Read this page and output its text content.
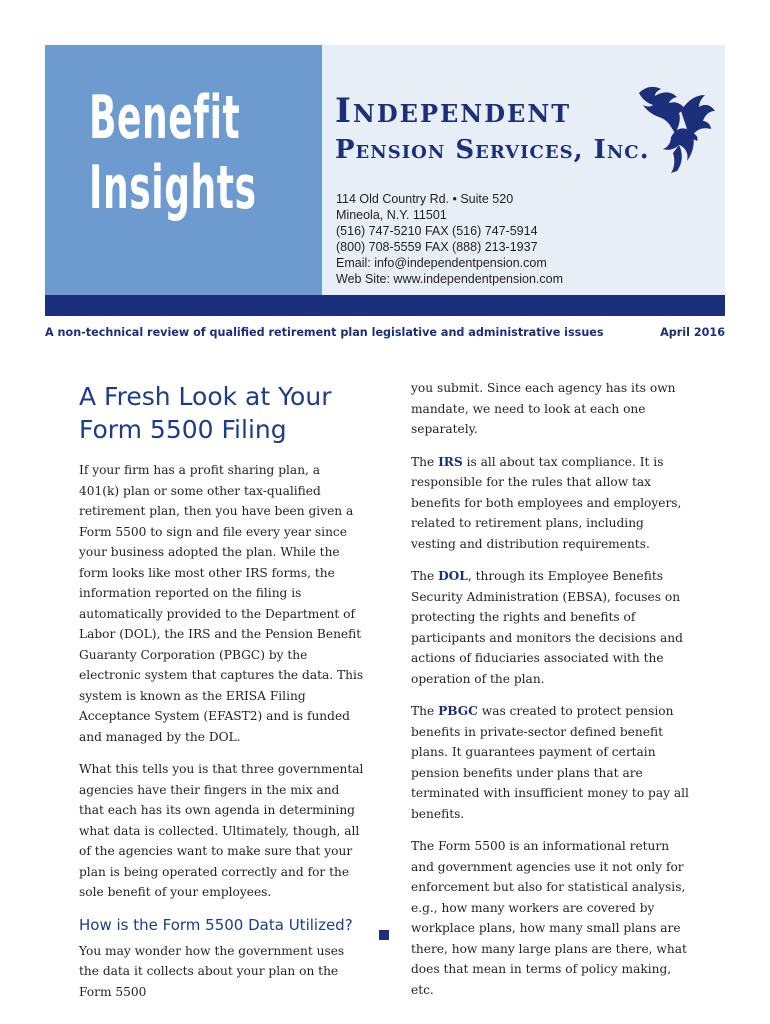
Benefit
Insights
Independent
Pension Services, Inc.
114 Old Country Rd. • Suite 520
Mineola, N.Y. 11501
(516) 747-5210 FAX (516) 747-5914
(800) 708-5559 FAX (888) 213-1937
Email: info@independentpension.com
Web Site: www.independentpension.com
A non-technical review of qualified retirement plan legislative and administrative issues	April 2016
A Fresh Look at Your Form 5500 Filing

If your firm has a profit sharing plan, a 401(k) plan or some other tax-qualified retirement plan, then you have been given a Form 5500 to sign and file every year since your business adopted the plan. While the form looks like most other IRS forms, the information reported on the filing is automatically provided to the Department of Labor (DOL), the IRS and the Pension Benefit Guaranty Corporation (PBGC) by the electronic system that captures the data. This system is known as the ERISA Filing Acceptance System (EFAST2) and is funded and managed by the DOL.

What this tells you is that three governmental agencies have their fingers in the mix and that each has its own agenda in determining what data is collected. Ultimately, though, all of the agencies want to make sure that your plan is being operated correctly and for the sole benefit of your employees.

How is the Form 5500 Data Utilized?

You may wonder how the government uses the data it collects about your plan on the Form 5500

you submit. Since each agency has its own mandate, we need to look at each one separately.

The IRS is all about tax compliance. It is responsible for the rules that allow tax benefits for both employees and employers, related to retirement plans, including vesting and distribution requirements.

The DOL, through its Employee Benefits Security Administration (EBSA), focuses on protecting the rights and benefits of participants and monitors the decisions and actions of fiduciaries associated with the operation of the plan.

The PBGC was created to protect pension benefits in private-sector defined benefit plans. It guarantees payment of certain pension benefits under plans that are terminated with insufficient money to pay all benefits.

The Form 5500 is an informational return and government agencies use it not only for enforcement but also for statistical analysis, e.g., how many workers are covered by workplace plans, how many small plans are there, how many large plans are there, what does that mean in terms of policy making, etc.
